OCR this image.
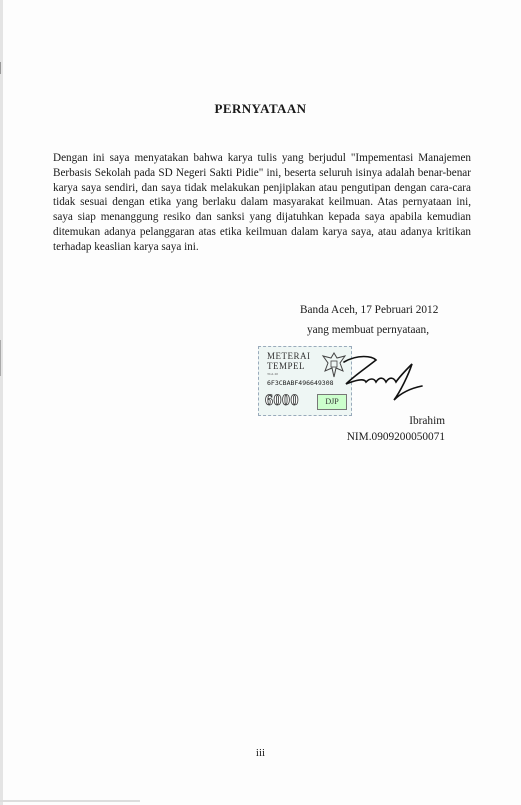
PERNYATAAN

Dengan ini saya menyatakan bahwa karya tulis yang berjudul "Impementasi Manajemen Berbasis Sekolah pada SD Negeri Sakti Pidie" ini, beserta seluruh isinya adalah benar-benar karya saya sendiri, dan saya tidak melakukan penjiplakan atau pengutipan dengan cara-cara tidak sesuai dengan etika yang berlaku dalam masyarakat keilmuan. Atas pernyataan ini, saya siap menanggung resiko dan sanksi yang dijatuhkan kepada saya apabila kemudian ditemukan adanya pelanggaran atas etika keilmuan dalam karya saya, atau adanya kritikan terhadap keaslian karya saya ini.

Banda Aceh, 17 Pebruari 2012
yang membuat pernyataan,
METERAI
TEMPEL
TGL 20
6F3CBABF496649308
6000	DJP
Ibrahim
NIM.0909200050071
iii
